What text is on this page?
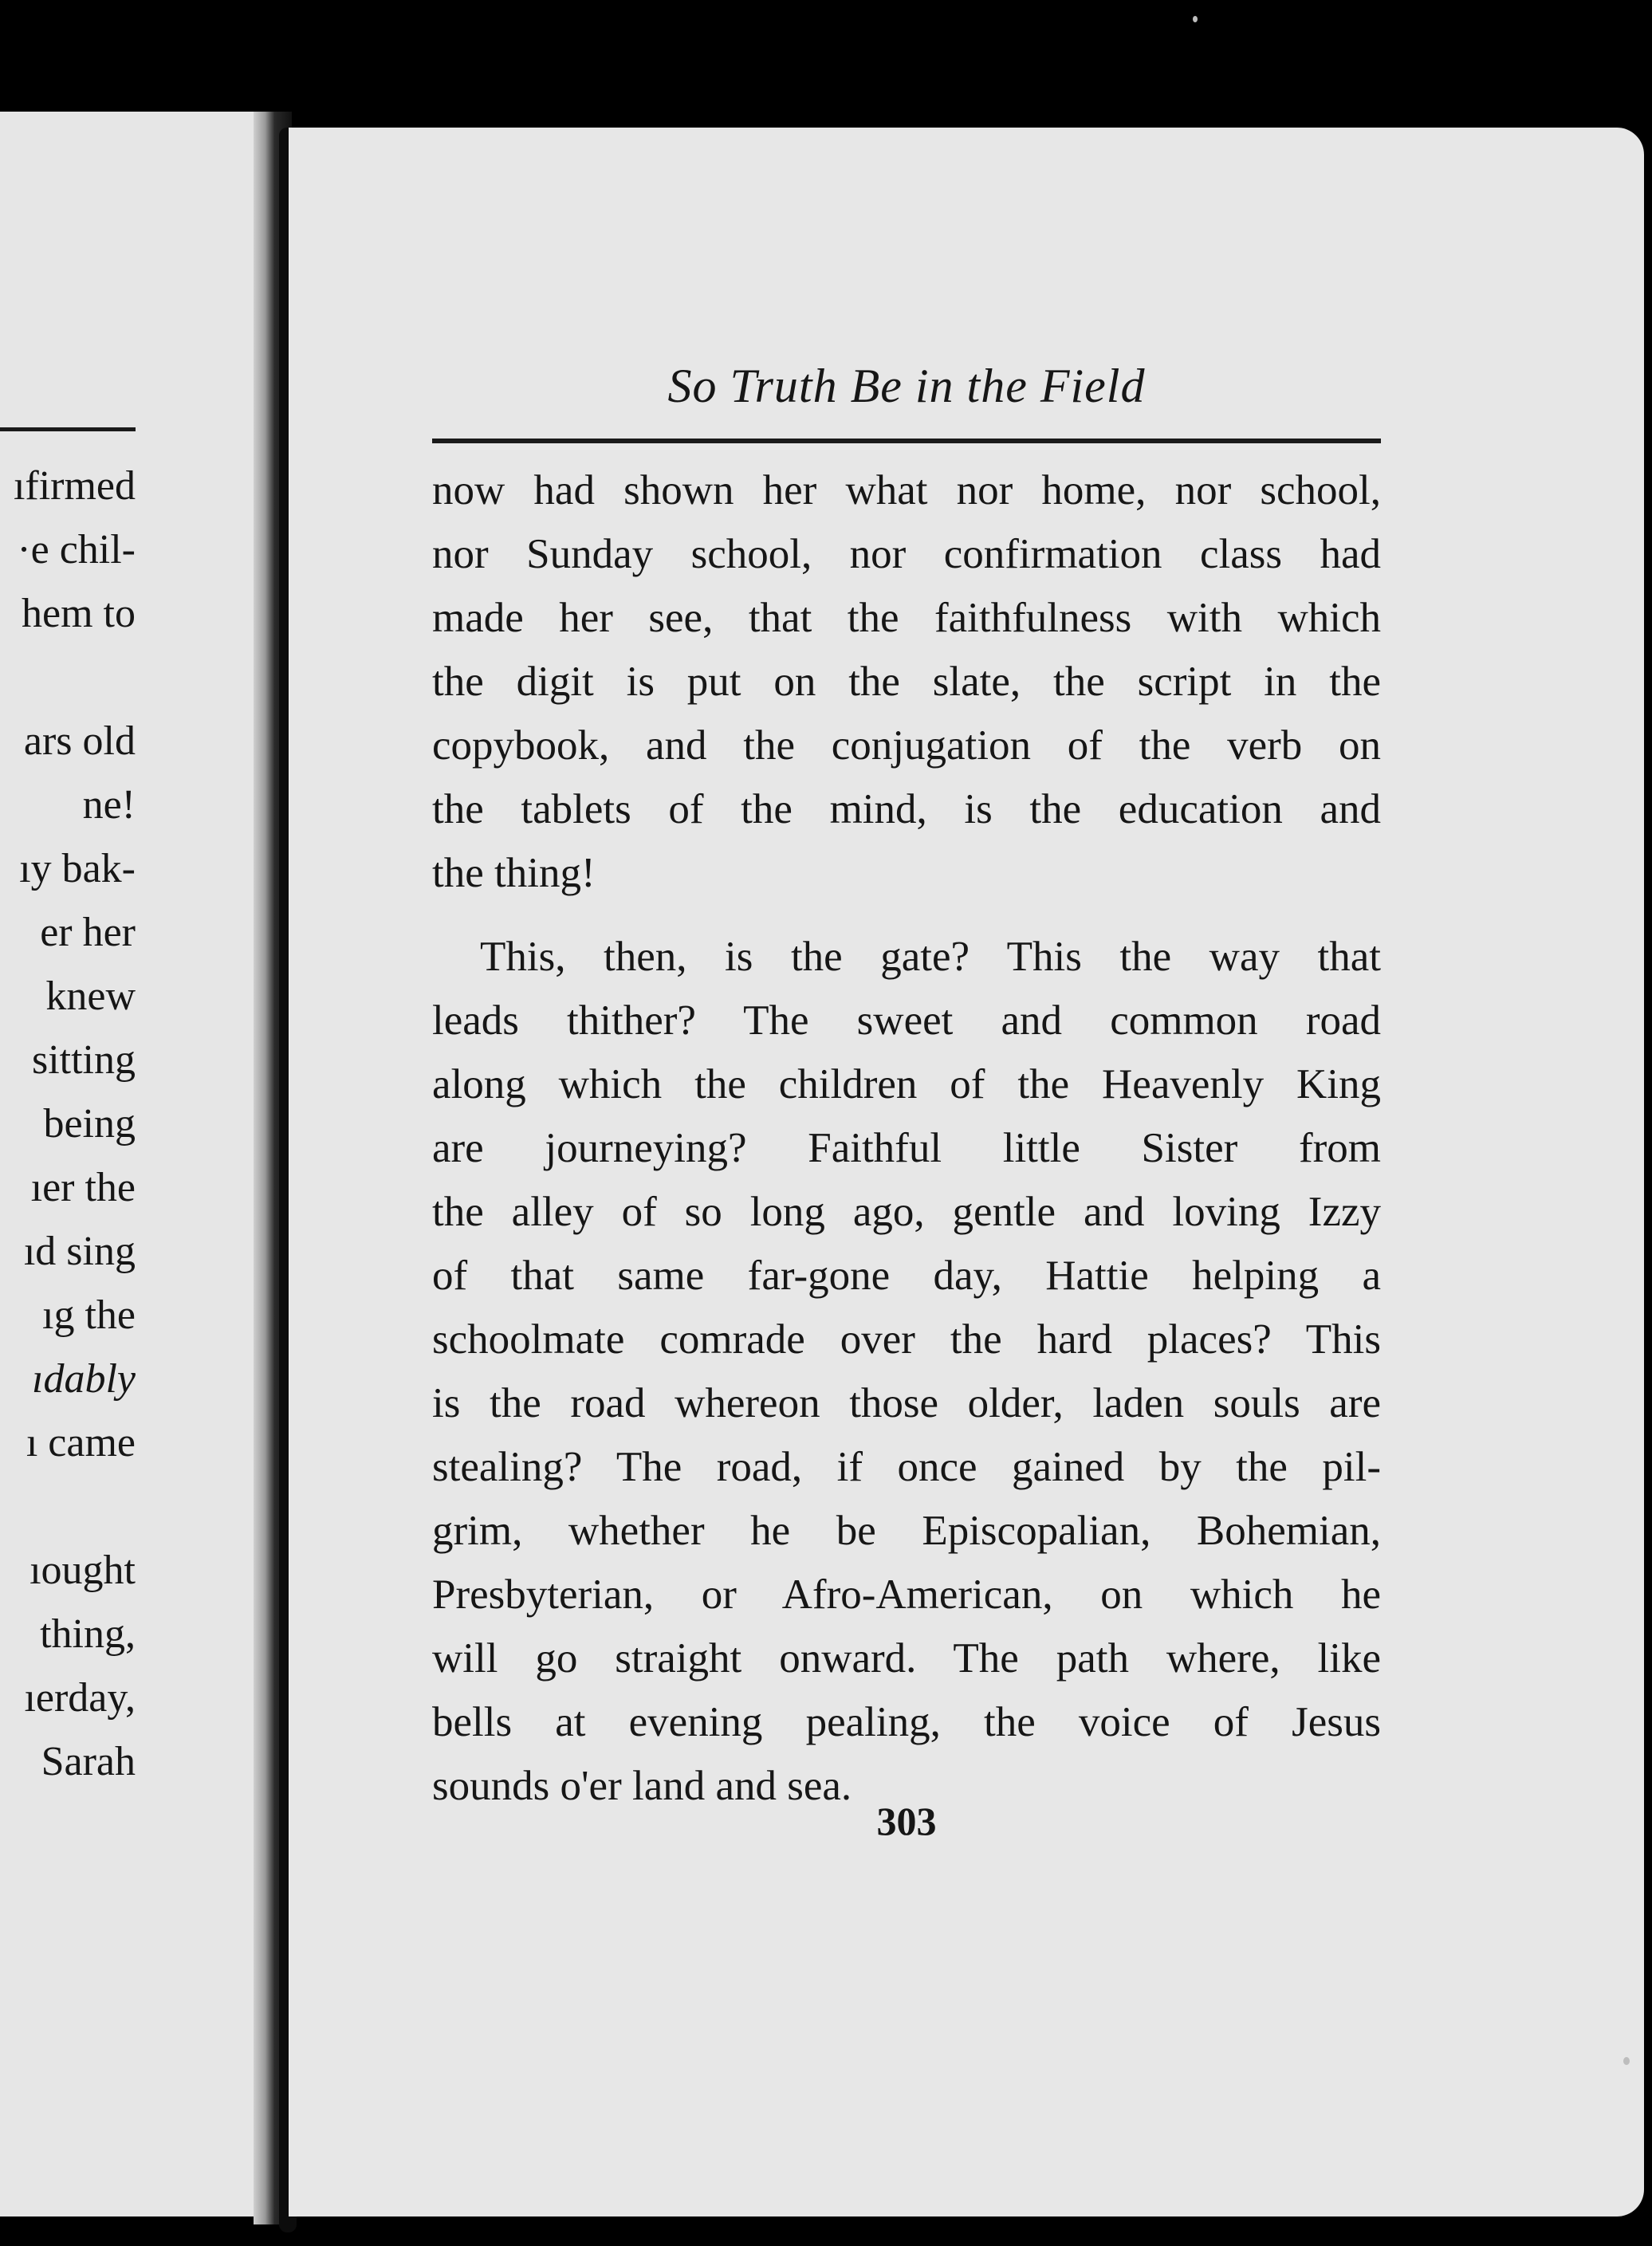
ıfirmed
·e chil-
hem to
ars old
ne!
ıy bak-
er her
knew
sitting
being
ıer the
ıd sing
ıg the
ıdably
ı came
ıought
thing,
ıerday,
Sarah
So Truth Be in the Field
now had shown her what nor home, nor school,
nor Sunday school, nor confirmation class had
made her see, that the faithfulness with which
the digit is put on the slate, the script in the
copybook, and the conjugation of the verb on
the tablets of the mind, is the education and
the thing!
This, then, is the gate? This the way that
leads thither? The sweet and common road
along which the children of the Heavenly King
are journeying? Faithful little Sister from
the alley of so long ago, gentle and loving Izzy
of that same far-gone day, Hattie helping a
schoolmate comrade over the hard places? This
is the road whereon those older, laden souls are
stealing? The road, if once gained by the pil-
grim, whether he be Episcopalian, Bohemian,
Presbyterian, or Afro-American, on which he
will go straight onward. The path where, like
bells at evening pealing, the voice of Jesus
sounds o'er land and sea.

303
